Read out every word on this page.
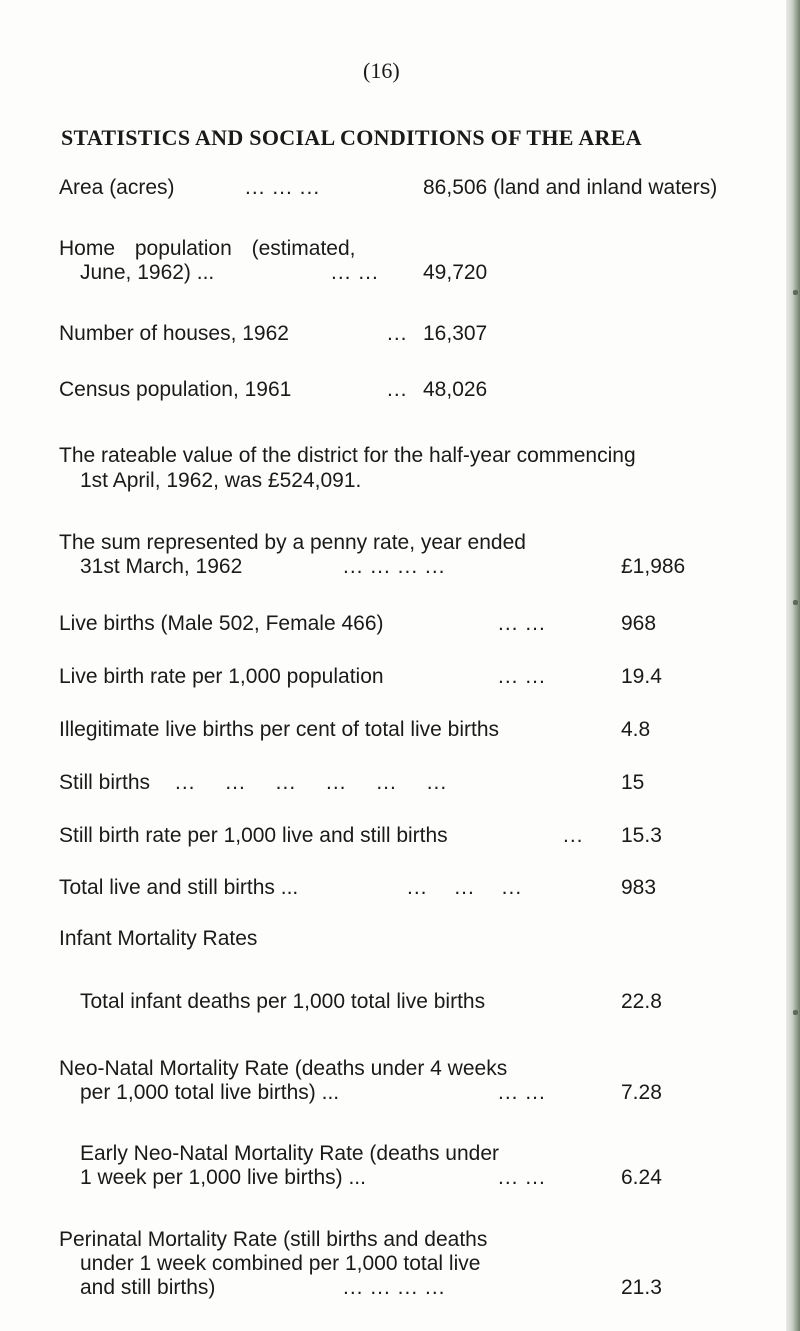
(16)
STATISTICS AND SOCIAL CONDITIONS OF THE AREA
Area (acres)	... ... ...	86,506 (land and inland waters)
Home population (estimated,
June, 1962) ...	... ... 49,720
Number of houses, 1962	... 16,307
Census population, 1961	... 48,026
The rateable value of the district for the half-year commencing
1st April, 1962, was £524,091.
The sum represented by a penny rate, year ended
31st March, 1962	... ... ... ...	£1,986
Live births (Male 502, Female 466)	... ...	968
Live birth rate per 1,000 population	... ...	19.4
Illegitimate live births per cent of total live births	4.8
Still births ... ... ... ... ... ...	15
Still birth rate per 1,000 live and still births	... 15.3
Total live and still births ...	... ... ...	983
Infant Mortality Rates
Total infant deaths per 1,000 total live births	22.8
Neo-Natal Mortality Rate (deaths under 4 weeks
per 1,000 total live births) ...	... ...	7.28
Early Neo-Natal Mortality Rate (deaths under
1 week per 1,000 live births) ...	... ...	6.24
Perinatal Mortality Rate (still births and deaths
under 1 week combined per 1,000 total live
and still births)	... ... ... ...	21.3
